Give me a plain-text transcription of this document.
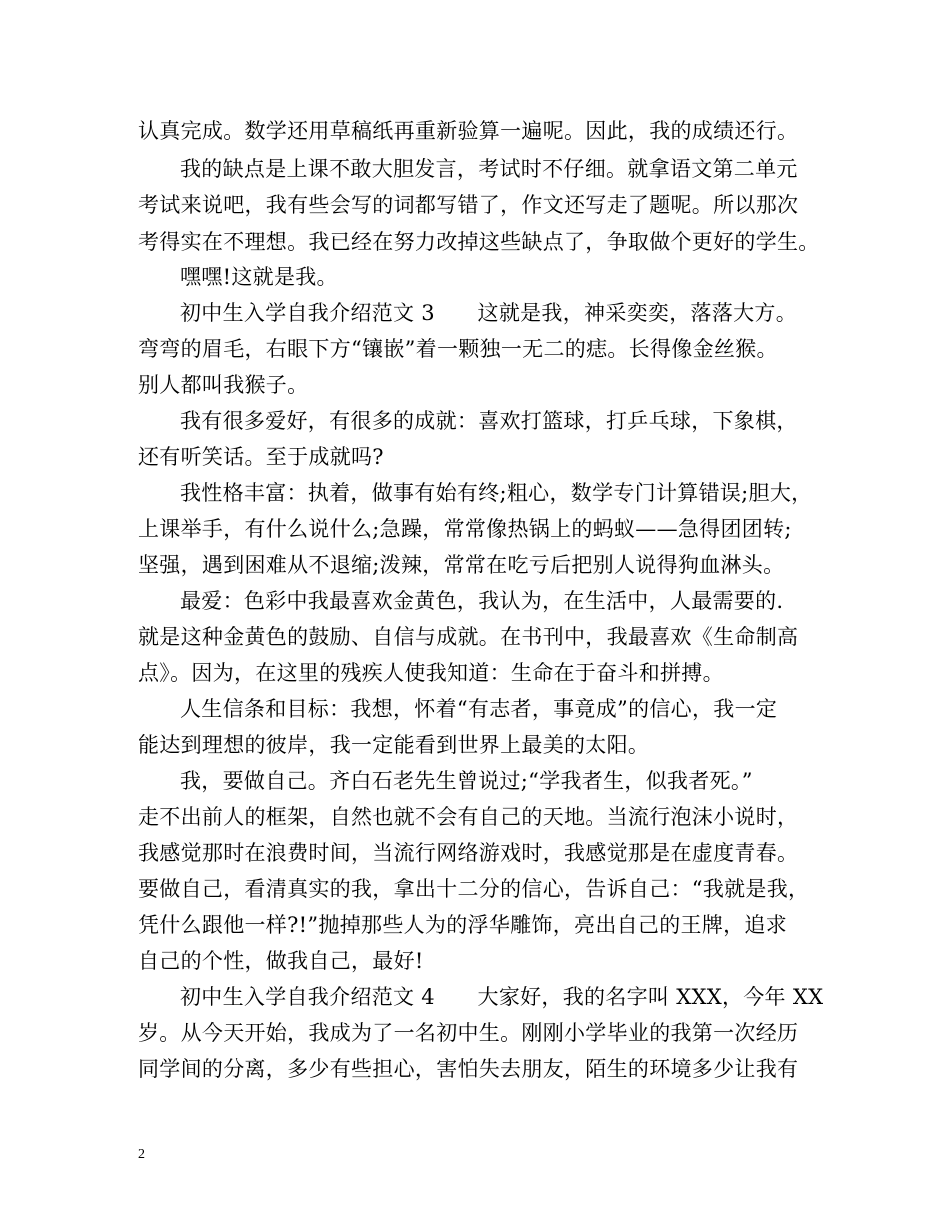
认真完成。数学还用草稿纸再重新验算一遍呢。因此，我的成绩还行。
我的缺点是上课不敢大胆发言，考试时不仔细。就拿语文第二单元
考试来说吧，我有些会写的词都写错了，作文还写走了题呢。所以那次
考得实在不理想。我已经在努力改掉这些缺点了，争取做个更好的学生。
嘿嘿!这就是我。
初中生入学自我介绍范文 3　　这就是我，神采奕奕，落落大方。
弯弯的眉毛，右眼下方“镶嵌”着一颗独一无二的痣。长得像金丝猴。
别人都叫我猴子。
我有很多爱好，有很多的成就：喜欢打篮球，打乒乓球，下象棋，
还有听笑话。至于成就吗?
我性格丰富：执着，做事有始有终;粗心，数学专门计算错误;胆大，
上课举手，有什么说什么;急躁，常常像热锅上的蚂蚁——急得团团转;
坚强，遇到困难从不退缩;泼辣，常常在吃亏后把别人说得狗血淋头。
最爱：色彩中我最喜欢金黄色，我认为，在生活中，人最需要的.
就是这种金黄色的鼓励、自信与成就。在书刊中，我最喜欢《生命制高
点》。因为，在这里的残疾人使我知道：生命在于奋斗和拼搏。
人生信条和目标：我想，怀着“有志者，事竟成”的信心，我一定
能达到理想的彼岸，我一定能看到世界上最美的太阳。
我，要做自己。齐白石老先生曾说过;“学我者生，似我者死。”
走不出前人的框架，自然也就不会有自己的天地。当流行泡沫小说时，
我感觉那时在浪费时间，当流行网络游戏时，我感觉那是在虚度青春。
要做自己，看清真实的我，拿出十二分的信心，告诉自己：“我就是我，
凭什么跟他一样?!”抛掉那些人为的浮华雕饰，亮出自己的王牌，追求
自己的个性，做我自己，最好!
初中生入学自我介绍范文 4　　大家好，我的名字叫 XXX，今年 XX
岁。从今天开始，我成为了一名初中生。刚刚小学毕业的我第一次经历
同学间的分离，多少有些担心，害怕失去朋友，陌生的环境多少让我有
2
